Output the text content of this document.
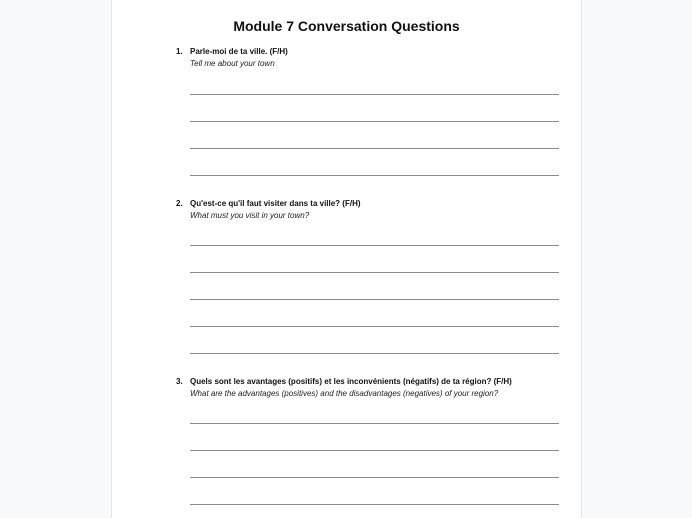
Module 7 Conversation Questions
1. Parle-moi de ta ville. (F/H)
Tell me about your town
2. Qu'est-ce qu'il faut visiter dans ta ville? (F/H)
What must you visit in your town?
3. Quels sont les avantages (positifs) et les inconvénients (négatifs) de ta région? (F/H)
What are the advantages (positives) and the disadvantages (negatives) of your region?
